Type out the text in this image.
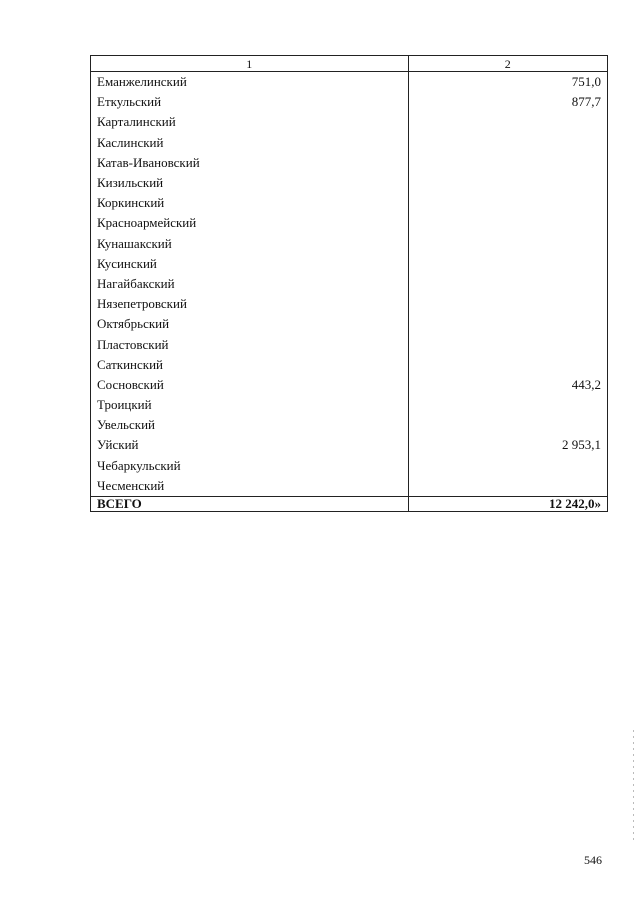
1	2
Еманжелинский	751,0
Еткульский	877,7
Карталинский	
Каслинский	
Катав-Ивановский	
Кизильский	
Коркинский	
Красноармейский	
Кунашакский	
Кусинский	
Нагайбакский	
Нязепетровский	
Октябрьский	
Пластовский	
Саткинский	
Сосновский	443,2
Троицкий	
Увельский	
Уйский	2 953,1
Чебаркульский	
Чесменский	
ВСЕГО	12 242,0»
546
